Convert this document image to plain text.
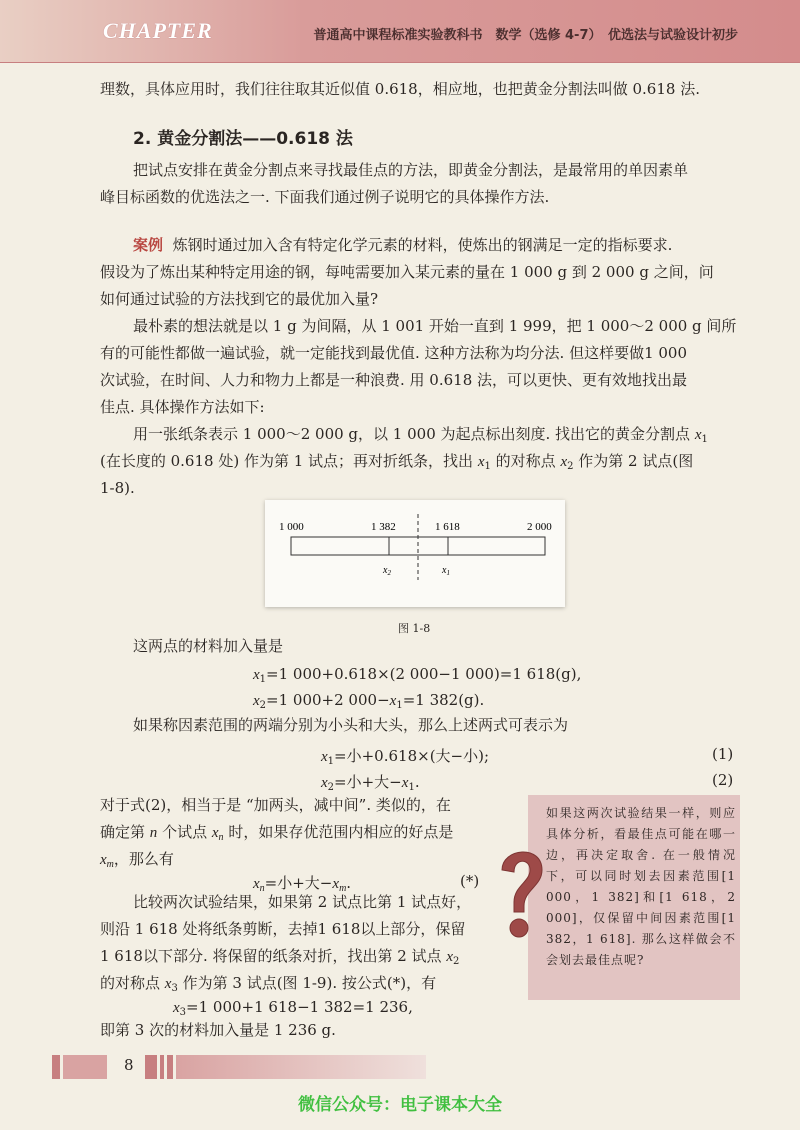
CHAPTER	普通高中课程标准实验教科书　数学（选修 4-7）　优选法与试验设计初步
理数，具体应用时，我们往往取其近似值 0.618，相应地，也把黄金分割法叫做 0.618 法.
2. 黄金分割法——0.618 法
把试点安排在黄金分割点来寻找最佳点的方法，即黄金分割法，是最常用的单因素单
峰目标函数的优选法之一. 下面我们通过例子说明它的具体操作方法.
案例 炼钢时通过加入含有特定化学元素的材料，使炼出的钢满足一定的指标要求.
假设为了炼出某种特定用途的钢，每吨需要加入某元素的量在 1 000 g 到 2 000 g 之间，问
如何通过试验的方法找到它的最优加入量?
最朴素的想法就是以 1 g 为间隔，从 1 001 开始一直到 1 999，把 1 000～2 000 g 间所
有的可能性都做一遍试验，就一定能找到最优值. 这种方法称为均分法. 但这样要做1 000
次试验，在时间、人力和物力上都是一种浪费. 用 0.618 法，可以更快、更有效地找出最
佳点. 具体操作方法如下:
用一张纸条表示 1 000～2 000 g，以 1 000 为起点标出刻度. 找出它的黄金分割点 $x_1$
(在长度的 0.618 处) 作为第 1 试点；再对折纸条，找出 $x_1$ 的对称点 $x_2$ 作为第 2 试点(图
1-8).
1 000	1 382	1 618	2 000
$x_2$	$x_1$
图 1-8
这两点的材料加入量是
$x_1=1$ 000+0.618×(2 000−1 000)=1 618(g),
$x_2=1$ 000+2 $000-x_1=1$ 382(g).
如果称因素范围的两端分别为小头和大头，那么上述两式可表示为
$x_1=$小+0.618×(大−小);	(1)
$x_2=$小+大$-x_1$.	(2)
对于式(2)，相当于是 “加两头，减中间”. 类似的，在
确定第 n 个试点 $x_n$ 时，如果存优范围内相应的好点是
$x_m$，那么有
$x_n=$小+大$-x_m$.	(*)
比较两次试验结果，如果第 2 试点比第 1 试点好，
则沿 1 618 处将纸条剪断，去掉1 618以上部分，保留
1 618以下部分. 将保留的纸条对折，找出第 2 试点 $x_2$
的对称点 $x_3$ 作为第 3 试点(图 1-9). 按公式(*)，有
$x_3=1$ 000+1 618−1 382=1 236,
即第 3 次的材料加入量是 1 236 g.
如果这两次试验结果一样，则应具体分析，看最佳点可能在哪一边，再决定取舍. 在一般情况下，可以同时划去因素范围[1 000，1 382]和[1 618，2 000]，仅保留中间因素范围[1 382，1 618]. 那么这样做会不会划去最佳点呢?
8
微信公众号：电子课本大全
